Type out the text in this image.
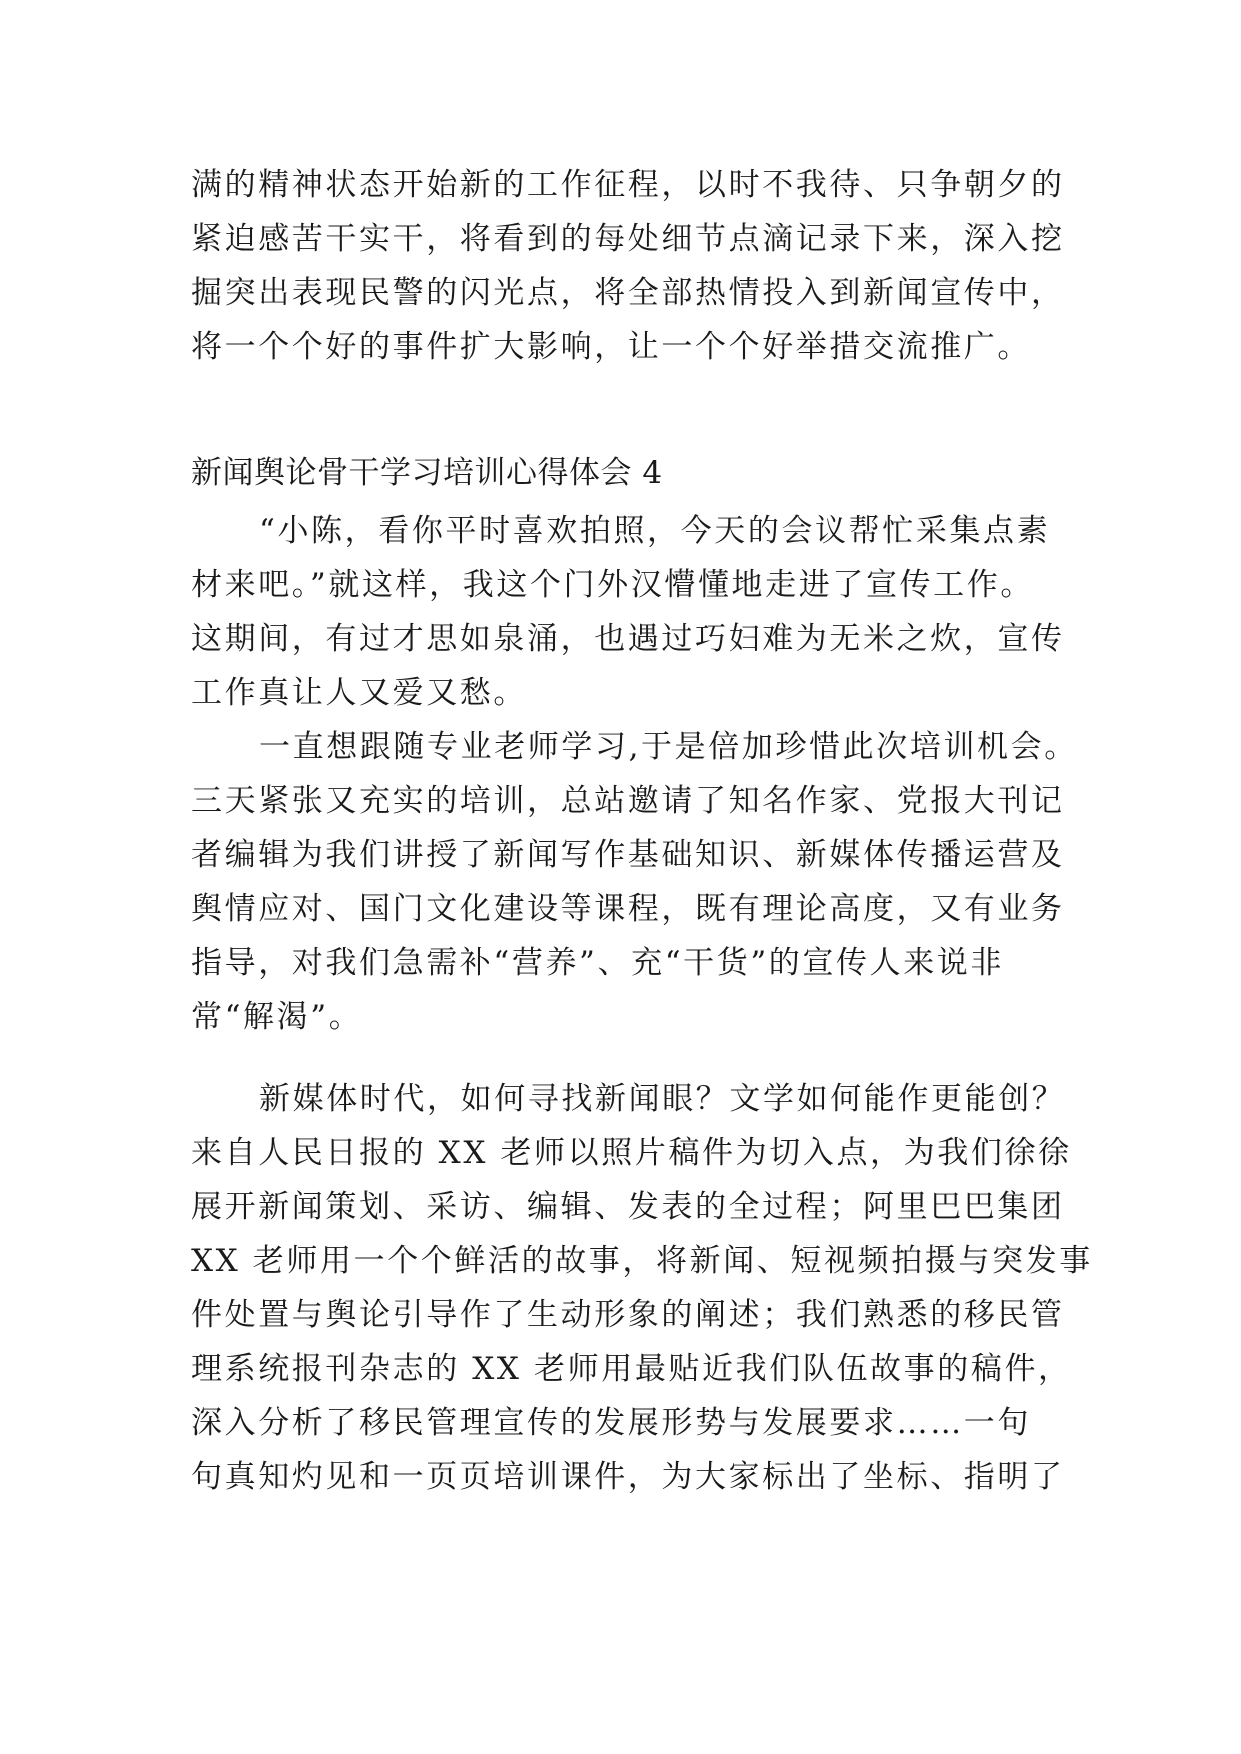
满的精神状态开始新的工作征程，以时不我待、只争朝夕的
紧迫感苦干实干，将看到的每处细节点滴记录下来，深入挖
掘突出表现民警的闪光点，将全部热情投入到新闻宣传中，
将一个个好的事件扩大影响，让一个个好举措交流推广。
新闻舆论骨干学习培训心得体会 4
“小陈，看你平时喜欢拍照，今天的会议帮忙采集点素
材来吧。”就这样，我这个门外汉懵懂地走进了宣传工作。
这期间，有过才思如泉涌，也遇过巧妇难为无米之炊，宣传
工作真让人又爱又愁。
一直想跟随专业老师学习,于是倍加珍惜此次培训机会。
三天紧张又充实的培训，总站邀请了知名作家、党报大刊记
者编辑为我们讲授了新闻写作基础知识、新媒体传播运营及
舆情应对、国门文化建设等课程，既有理论高度，又有业务
指导，对我们急需补“营养”、充“干货”的宣传人来说非
常“解渴”。
新媒体时代，如何寻找新闻眼？文学如何能作更能创？
来自人民日报的 XX 老师以照片稿件为切入点，为我们徐徐
展开新闻策划、采访、编辑、发表的全过程；阿里巴巴集团
XX 老师用一个个鲜活的故事，将新闻、短视频拍摄与突发事
件处置与舆论引导作了生动形象的阐述；我们熟悉的移民管
理系统报刊杂志的 XX 老师用最贴近我们队伍故事的稿件，
深入分析了移民管理宣传的发展形势与发展要求……一句
句真知灼见和一页页培训课件，为大家标出了坐标、指明了
